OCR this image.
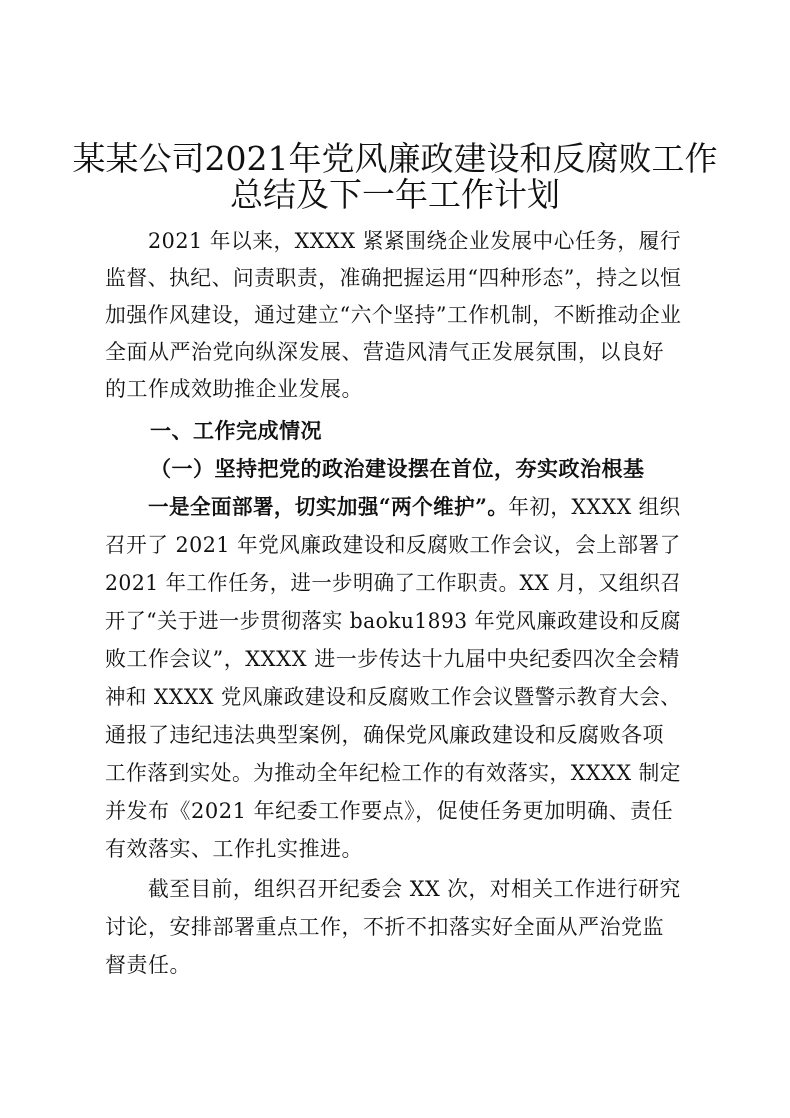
某某公司2021年党风廉政建设和反腐败工作
总结及下一年工作计划

2021 年以来，XXXX 紧紧围绕企业发展中心任务，履行

监督、执纪、问责职责，准确把握运用“四种形态”，持之以恒

加强作风建设，通过建立“六个坚持”工作机制，不断推动企业

全面从严治党向纵深发展、营造风清气正发展氛围，以良好

的工作成效助推企业发展。

一、工作完成情况

（一）坚持把党的政治建设摆在首位，夯实政治根基

一是全面部署，切实加强“两个维护”。年初，XXXX 组织

召开了 2021 年党风廉政建设和反腐败工作会议，会上部署了

2021 年工作任务，进一步明确了工作职责。XX 月，又组织召

开了“关于进一步贯彻落实 baoku1893 年党风廉政建设和反腐

败工作会议”，XXXX 进一步传达十九届中央纪委四次全会精

神和 XXXX 党风廉政建设和反腐败工作会议暨警示教育大会、

通报了违纪违法典型案例，确保党风廉政建设和反腐败各项

工作落到实处。为推动全年纪检工作的有效落实，XXXX 制定

并发布《2021 年纪委工作要点》，促使任务更加明确、责任

有效落实、工作扎实推进。

截至目前，组织召开纪委会 XX 次，对相关工作进行研究

讨论，安排部署重点工作，不折不扣落实好全面从严治党监

督责任。
